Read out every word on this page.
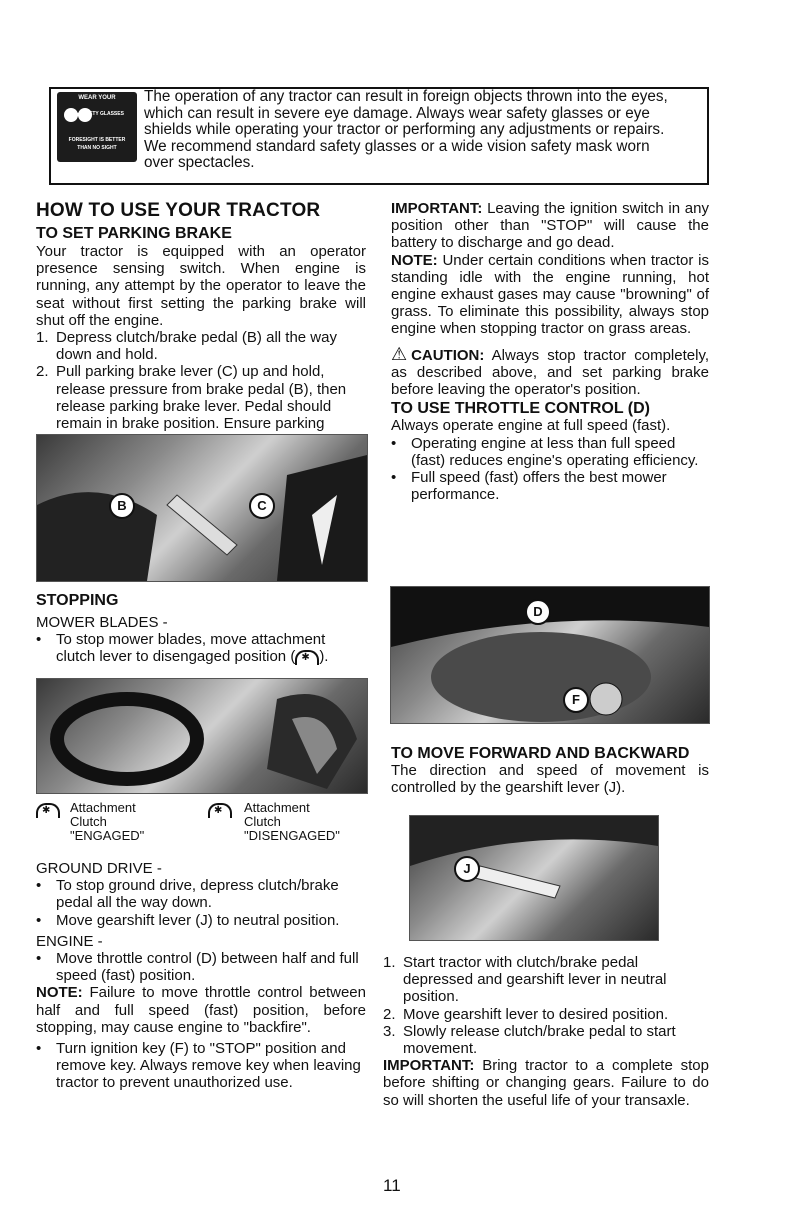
WEAR YOUR
SAFETY GLASSES
FORESIGHT IS BETTER
THAN NO SIGHT
The operation of any tractor can result in foreign objects thrown into the eyes,
which can result in severe eye damage. Always wear safety glasses or eye
shields while operating your tractor or performing any adjustments or repairs.
We recommend standard safety glasses or a wide vision safety mask worn
over spectacles.
HOW TO USE YOUR TRACTOR
TO SET PARKING BRAKE
Your tractor is equipped with an operator presence sensing switch. When engine is running, any attempt by the operator to leave the seat without first setting the parking brake will shut off the engine.
1. Depress clutch/brake pedal (B) all the way down and hold.
2. Pull parking brake lever (C) up and hold, release pressure from brake pedal (B), then release parking brake lever. Pedal should remain in brake position. Ensure parking
B	C
STOPPING
MOWER BLADES -
• To stop mower blades, move attachment clutch lever to disengaged position (✱ ).
✱
Attachment
Clutch
"ENGAGED"
✱
Attachment
Clutch
"DISENGAGED"
GROUND DRIVE -
• To stop ground drive, depress clutch/brake pedal all the way down.
• Move gearshift lever (J) to neutral position.
ENGINE -
• Move throttle control (D) between half and full speed (fast) position.
NOTE: Failure to move throttle control between half and full speed (fast) position, before stopping, may cause engine to "backfire".
• Turn ignition key (F) to "STOP" position and remove key. Always remove key when leaving tractor to prevent unauthorized use.
IMPORTANT: Leaving the ignition switch in any position other than "STOP" will cause the battery to discharge and go dead.
NOTE: Under certain conditions when tractor is standing idle with the engine running, hot engine exhaust gases may cause "browning" of grass. To eliminate this possibility, always stop engine when stopping tractor on grass areas.
⚠CAUTION: Always stop tractor completely, as described above, and set parking brake before leaving the operator's position.
TO USE THROTTLE CONTROL (D)
Always operate engine at full speed (fast).
• Operating engine at less than full speed (fast) reduces engine's operating efficiency.
• Full speed (fast) offers the best mower performance.
D
F
TO MOVE FORWARD AND BACKWARD
The direction and speed of movement is controlled by the gearshift lever (J).
J
1. Start tractor with clutch/brake pedal depressed and gearshift lever in neutral position.
2. Move gearshift lever to desired position.
3. Slowly release clutch/brake pedal to start movement.
IMPORTANT: Bring tractor to a complete stop before shifting or changing gears. Failure to do so will shorten the useful life of your transaxle.
11
